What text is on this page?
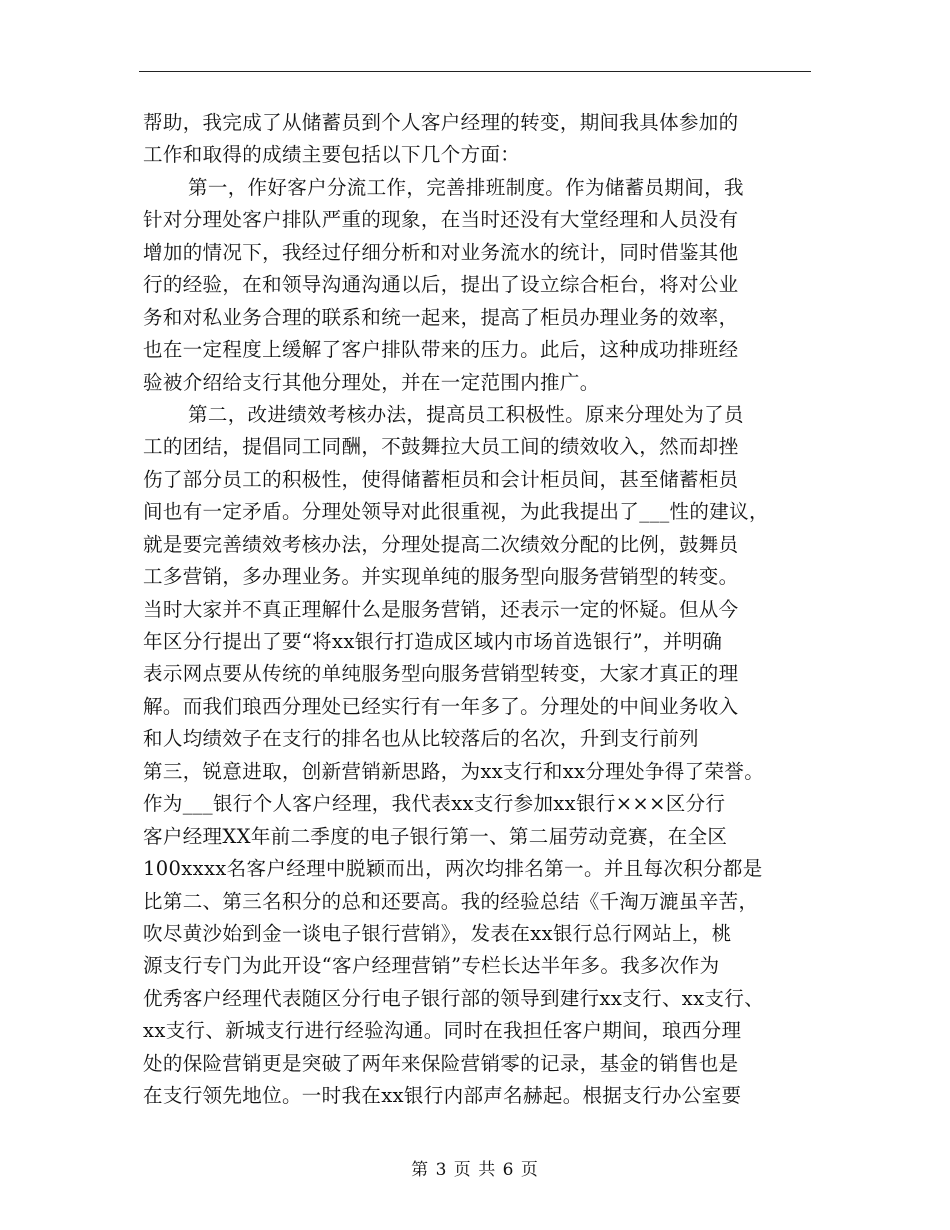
帮助，我完成了从储蓄员到个人客户经理的转变，期间我具体参加的
工作和取得的成绩主要包括以下几个方面：
第一，作好客户分流工作，完善排班制度。作为储蓄员期间，我
针对分理处客户排队严重的现象，在当时还没有大堂经理和人员没有
增加的情况下，我经过仔细分析和对业务流水的统计，同时借鉴其他
行的经验，在和领导沟通沟通以后，提出了设立综合柜台，将对公业
务和对私业务合理的联系和统一起来，提高了柜员办理业务的效率，
也在一定程度上缓解了客户排队带来的压力。此后，这种成功排班经
验被介绍给支行其他分理处，并在一定范围内推广。
第二，改进绩效考核办法，提高员工积极性。原来分理处为了员
工的团结，提倡同工同酬，不鼓舞拉大员工间的绩效收入，然而却挫
伤了部分员工的积极性，使得储蓄柜员和会计柜员间，甚至储蓄柜员
间也有一定矛盾。分理处领导对此很重视，为此我提出了___性的建议，
就是要完善绩效考核办法，分理处提高二次绩效分配的比例，鼓舞员
工多营销，多办理业务。并实现单纯的服务型向服务营销型的转变。
当时大家并不真正理解什么是服务营销，还表示一定的怀疑。但从今
年区分行提出了要“将xx银行打造成区域内市场首选银行”，并明确
表示网点要从传统的单纯服务型向服务营销型转变，大家才真正的理
解。而我们琅西分理处已经实行有一年多了。分理处的中间业务收入
和人均绩效子在支行的排名也从比较落后的名次，升到支行前列
第三，锐意进取，创新营销新思路，为xx支行和xx分理处争得了荣誉。
作为___银行个人客户经理，我代表xx支行参加xx银行×××区分行
客户经理XX年前二季度的电子银行第一、第二届劳动竞赛，在全区
100xxxx名客户经理中脱颖而出，两次均排名第一。并且每次积分都是
比第二、第三名积分的总和还要高。我的经验总结《千淘万漉虽辛苦，
吹尽黄沙始到金一谈电子银行营销》，发表在xx银行总行网站上，桃
源支行专门为此开设“客户经理营销”专栏长达半年多。我多次作为
优秀客户经理代表随区分行电子银行部的领导到建行xx支行、xx支行、
xx支行、新城支行进行经验沟通。同时在我担任客户期间，琅西分理
处的保险营销更是突破了两年来保险营销零的记录，基金的销售也是
在支行领先地位。一时我在xx银行内部声名赫起。根据支行办公室要
第 3 页 共 6 页
